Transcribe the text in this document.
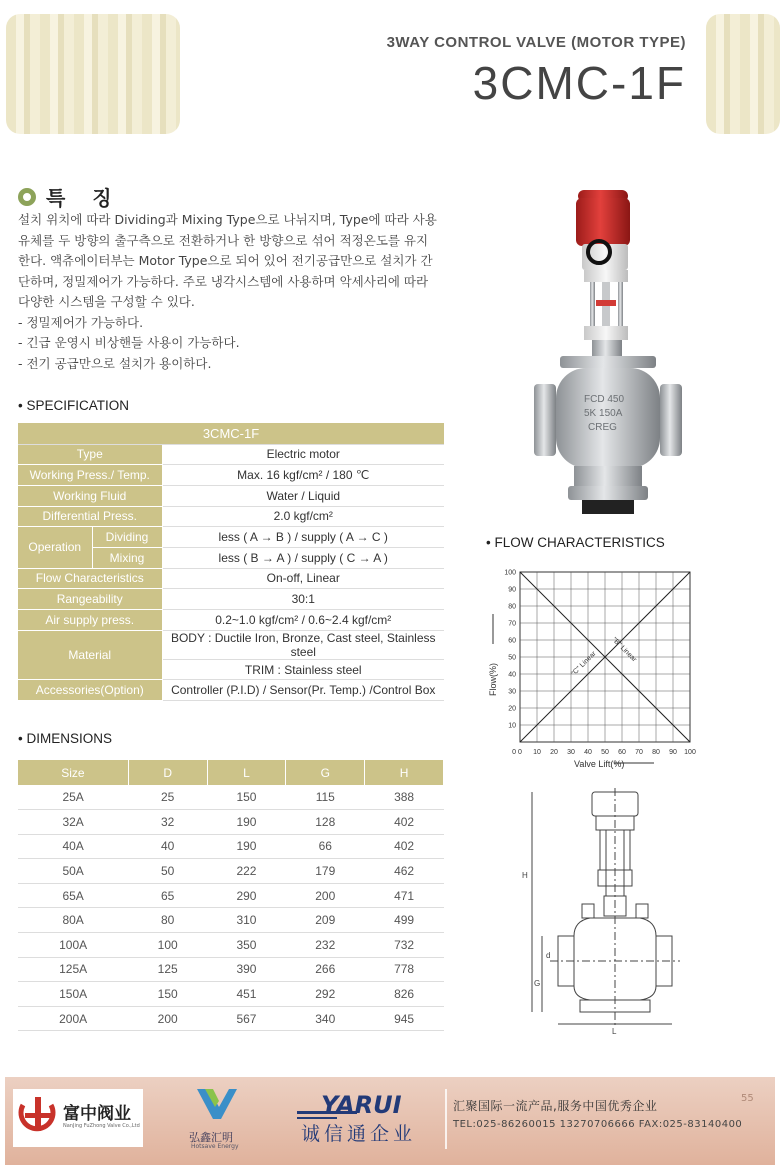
3WAY CONTROL VALVE (MOTOR TYPE)
3CMC-1F
특 징
설치 위치에 따라 Dividing과 Mixing Type으로 나뉘지며, Type에 따라 사용
유체를 두 방향의 출구측으로 전환하거나 한 방향으로 섞어 적정온도를 유지
한다. 액츄에이터부는 Motor Type으로 되어 있어 전기공급만으로 설치가 간
단하며, 정밀제어가 가능하다. 주로 냉각시스템에 사용하며 악세사리에 따라
다양한 시스템을 구성할 수 있다.
- 정밀제어가 가능하다.
- 긴급 운영시 비상핸들 사용이 가능하다.
- 전기 공급만으로 설치가 용이하다.
• SPECIFICATION
3CMC-1F		
Type		Electric motor
Working Press./ Temp.		Max. 16 kgf/cm² / 180 ℃
Working Fluid		Water / Liquid
Differential Press.		2.0 kgf/cm²
Operation	Dividing	less ( A → B ) / supply ( A → C )
	Mixing	less ( B → A ) / supply ( C → A )
Flow Characteristics		On-off, Linear
Rangeability		30:1
Air supply press.		0.2~1.0 kgf/cm² / 0.6~2.4 kgf/cm²
Material		BODY : Ductile Iron, Bronze, Cast steel, Stainless steel
		TRIM : Stainless steel
Accessories(Option)		Controller (P.I.D) / Sensor(Pr. Temp.) /Control Box
• DIMENSIONS
Size	D	L	G	H
25A	25	150	115	388
32A	32	190	128	402
40A	40	190	66	402
50A	50	222	179	462
65A	65	290	200	471
80A	80	310	209	499
100A	100	350	232	732
125A	125	390	266	778
150A	150	451	292	826
200A	200	567	340	945
FCD 450
5K 150A
CREG
• FLOW CHARACTERISTICS
"B" Linear
"C" Linear
0 10 20 30 40 50 60 70 80 90 100
10
20
30
40
50
60
70
80
90
100
0
Valve Lift(%)
Flow(%)
H
G
d
L
富中阀业
NanJing FuZhong Valve Co.,Ltd
弘鑫汇明
Hotsave Energy
YARUI
诚信通企业
汇聚国际一流产品,服务中国优秀企业
TEL:025-86260015 13270706666 FAX:025-83140400
55
